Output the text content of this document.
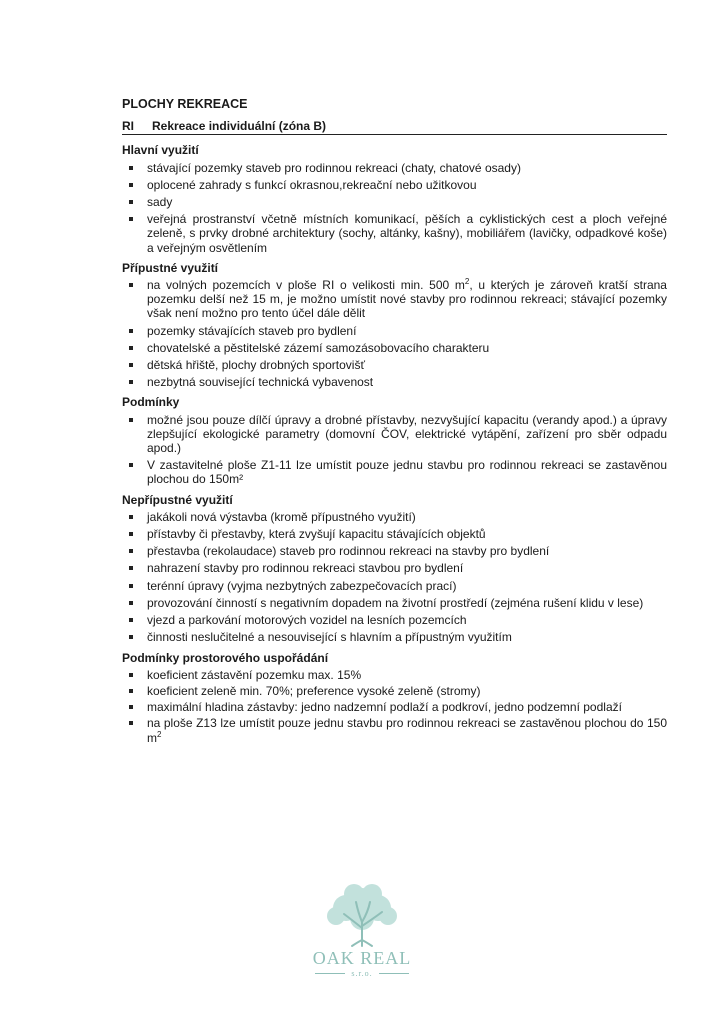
PLOCHY REKREACE
RI	Rekreace individuální (zóna B)
Hlavní využití
stávající pozemky staveb pro rodinnou rekreaci (chaty, chatové osady)
oplocené zahrady s funkcí okrasnou,rekreační nebo užitkovou
sady
veřejná prostranství včetně místních komunikací, pěších a cyklistických cest a ploch veřejné zeleně, s prvky drobné architektury (sochy, altánky, kašny), mobiliářem (lavičky, odpadkové koše) a veřejným osvětlením
Přípustné využití
na volných pozemcích v ploše RI o velikosti min. 500 $m^2$, u kterých je zároveň kratší strana pozemku delší než 15 m, je možno umístit nové stavby pro rodinnou rekreaci; stávající pozemky však není možno pro tento účel dále dělit
pozemky stávajících staveb pro bydlení
chovatelské a pěstitelské zázemí samozásobovacího charakteru
dětská hřiště, plochy drobných sportovišť
nezbytná související technická vybavenost
Podmínky
možné jsou pouze dílčí úpravy a drobné přístavby, nezvyšující kapacitu (verandy apod.) a úpravy zlepšující ekologické parametry (domovní ČOV, elektrické vytápění, zařízení pro sběr odpadu apod.)
V zastavitelné ploše Z1-11 lze umístit pouze jednu stavbu pro rodinnou rekreaci se zastavěnou plochou do 150m²
Nepřípustné využití
jakákoli nová výstavba (kromě přípustného využití)
přístavby či přestavby, která zvyšují kapacitu stávajících objektů
přestavba (rekolaudace) staveb pro rodinnou rekreaci na stavby pro bydlení
nahrazení stavby pro rodinnou rekreaci stavbou pro bydlení
terénní úpravy (vyjma nezbytných zabezpečovacích prací)
provozování činností s negativním dopadem na životní prostředí (zejména rušení klidu v lese)
vjezd a parkování motorových vozidel na lesních pozemcích
činnosti neslučitelné a nesouvisející s hlavním a přípustným využitím
Podmínky prostorového uspořádání
koeficient zástavění pozemku max. 15%
koeficient zeleně min. 70%; preference vysoké zeleně (stromy)
maximální hladina zástavby: jedno nadzemní podlaží a podkroví, jedno podzemní podlaží
na ploše Z13 lze umístit pouze jednu stavbu pro rodinnou rekreaci se zastavěnou plochou do 150 $m^2$
OAK REAL
s.r.o.
